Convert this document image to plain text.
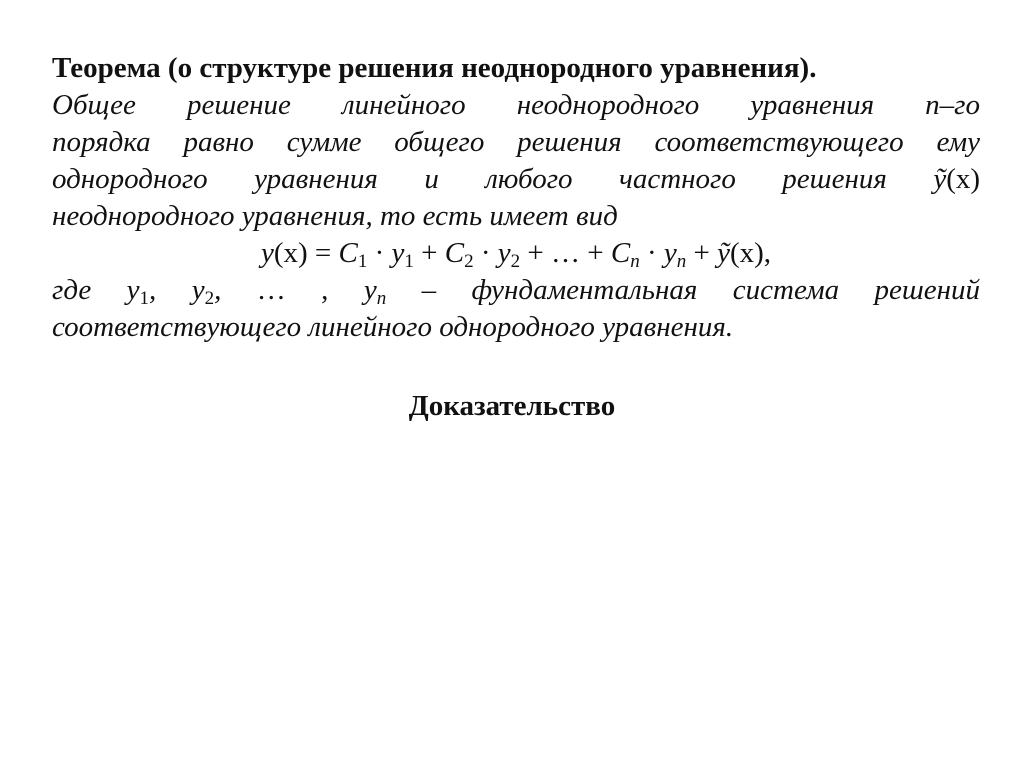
Теорема (о структуре решения неоднородного уравнения).
Общее решение линейного неоднородного уравнения n–го
порядка равно сумме общего решения соответствующего ему
однородного уравнения и любого частного решения ỹ(x)
неоднородного уравнения, то есть имеет вид
$y(x) = C_1 \cdot y_1 + C_2 \cdot y_2$ + … + $C_n \cdot y_n$ + ỹ(x),
где $y_1$, $y_2$, … , $y_n$ – фундаментальная система решений
соответствующего линейного однородного уравнения.
Доказательство
